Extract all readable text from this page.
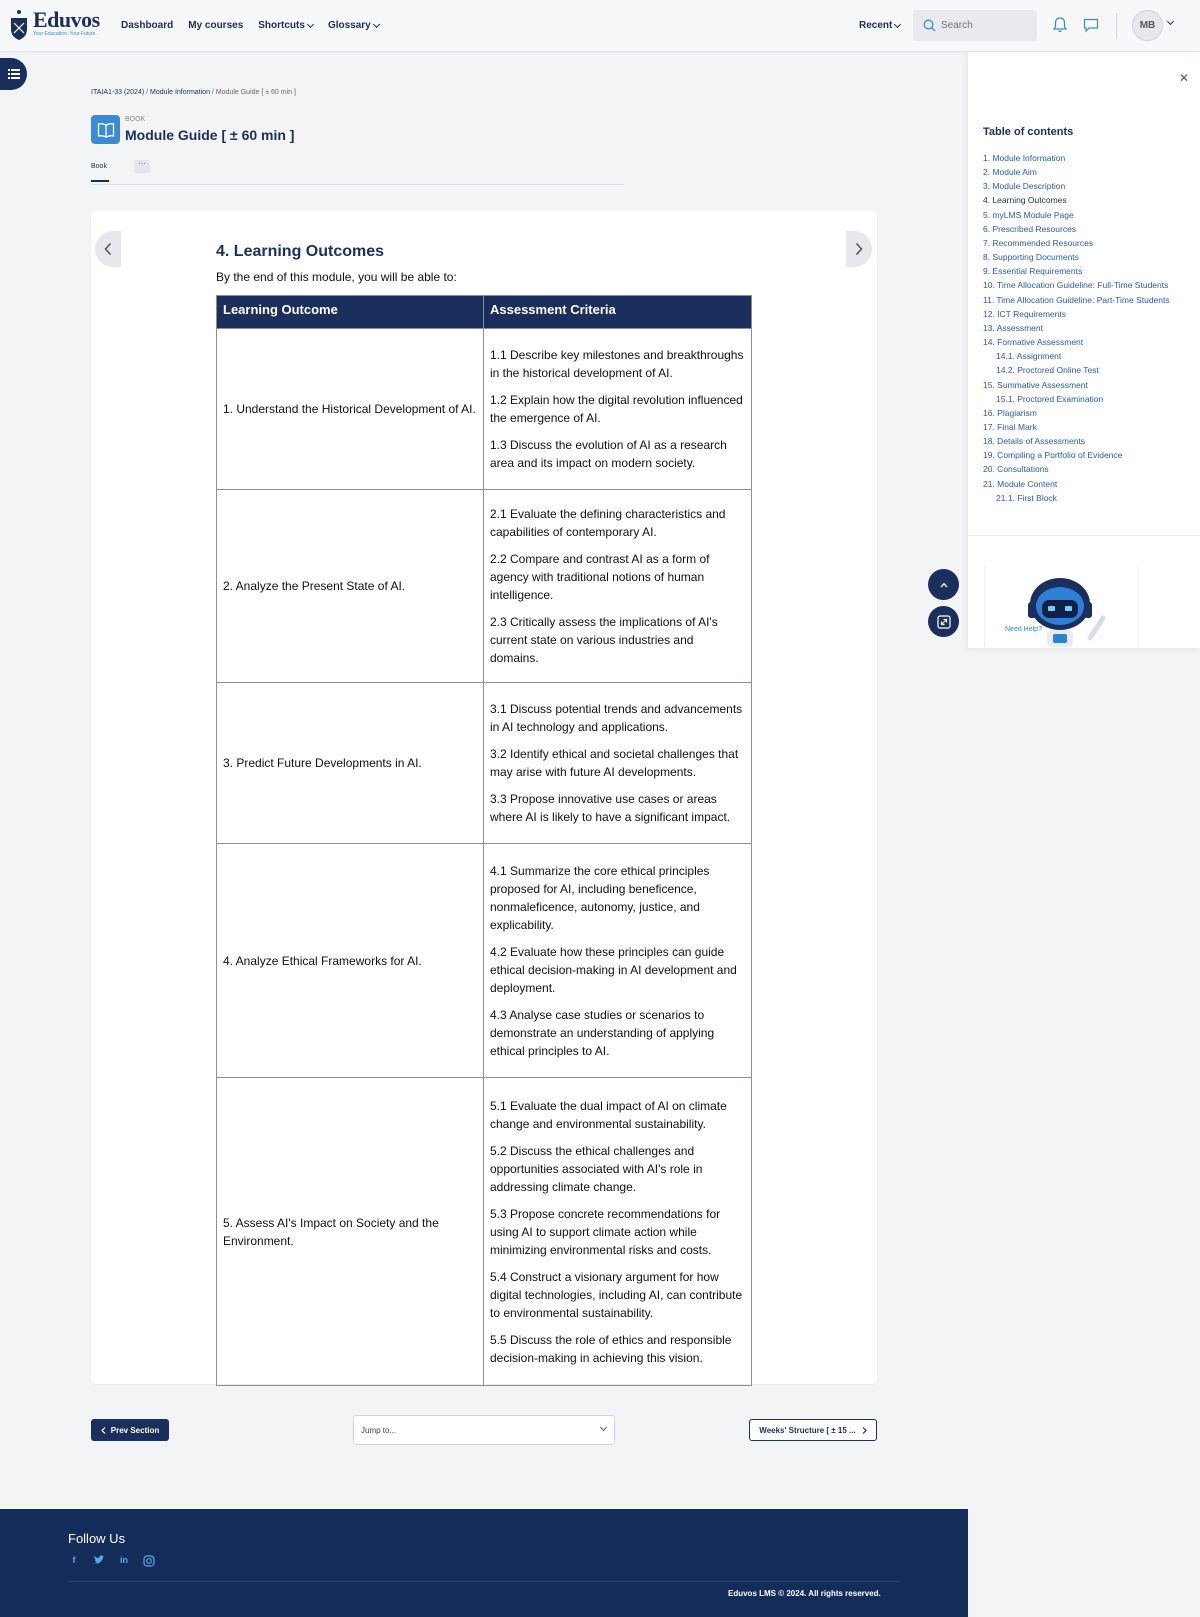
Eduvos
Your Education. Your Future.
Dashboard My courses Shortcuts Glossary	Recent
Search	MB
ITAIA1-33 (2024) / Module Information / Module Guide [ ± 60 min ]
BOOK
Module Guide [ ± 60 min ]
Book	···
4. Learning Outcomes

By the end of this module, you will be able to:

Learning Outcome	Assessment Criteria
1. Understand the Historical Development of AI.	1.1 Describe key milestones and breakthroughs in the historical development of AI.

1.2 Explain how the digital revolution influenced the emergence of AI.

1.3 Discuss the evolution of AI as a research area and its impact on modern society.

2. Analyze the Present State of AI.	2.1 Evaluate the defining characteristics and capabilities of contemporary AI.

2.2 Compare and contrast AI as a form of agency with traditional notions of human intelligence.

2.3 Critically assess the implications of AI's current state on various industries and domains.

3. Predict Future Developments in AI.	3.1 Discuss potential trends and advancements in AI technology and applications.

3.2 Identify ethical and societal challenges that may arise with future AI developments.

3.3 Propose innovative use cases or areas where AI is likely to have a significant impact.

4. Analyze Ethical Frameworks for AI.	4.1 Summarize the core ethical principles proposed for AI, including beneficence, nonmaleficence, autonomy, justice, and explicability.

4.2 Evaluate how these principles can guide ethical decision-making in AI development and deployment.

4.3 Analyse case studies or scenarios to demonstrate an understanding of applying ethical principles to AI.

5. Assess AI's Impact on Society and the Environment.	5.1 Evaluate the dual impact of AI on climate change and environmental sustainability.

5.2 Discuss the ethical challenges and opportunities associated with AI's role in addressing climate change.

5.3 Propose concrete recommendations for using AI to support climate action while minimizing environmental risks and costs.

5.4 Construct a visionary argument for how digital technologies, including AI, can contribute to environmental sustainability.

5.5 Discuss the role of ethics and responsible decision-making in achieving this vision.

Prev Section	Jump to...	Weeks' Structure [ ± 15 ...
Follow Us
f	in
Eduvos LMS © 2024. All rights reserved.
✕
Table of contents
1. Module Information
2. Module Aim
3. Module Description
4. Learning Outcomes
5. myLMS Module Page
6. Prescribed Resources
7. Recommended Resources
8. Supporting Documents
9. Essential Requirements
10. Time Allocation Guideline: Full-Time Students
11. Time Allocation Guideline: Part-Time Students
12. ICT Requirements
13. Assessment
14. Formative Assessment
14.1. Assignment
14.2. Proctored Online Test
15. Summative Assessment
15.1. Proctored Examination
16. Plagiarism
17. Final Mark
18. Details of Assessments
19. Compiling a Portfolio of Evidence
20. Consultations
21. Module Content
21.1. First Block
Need Help?
